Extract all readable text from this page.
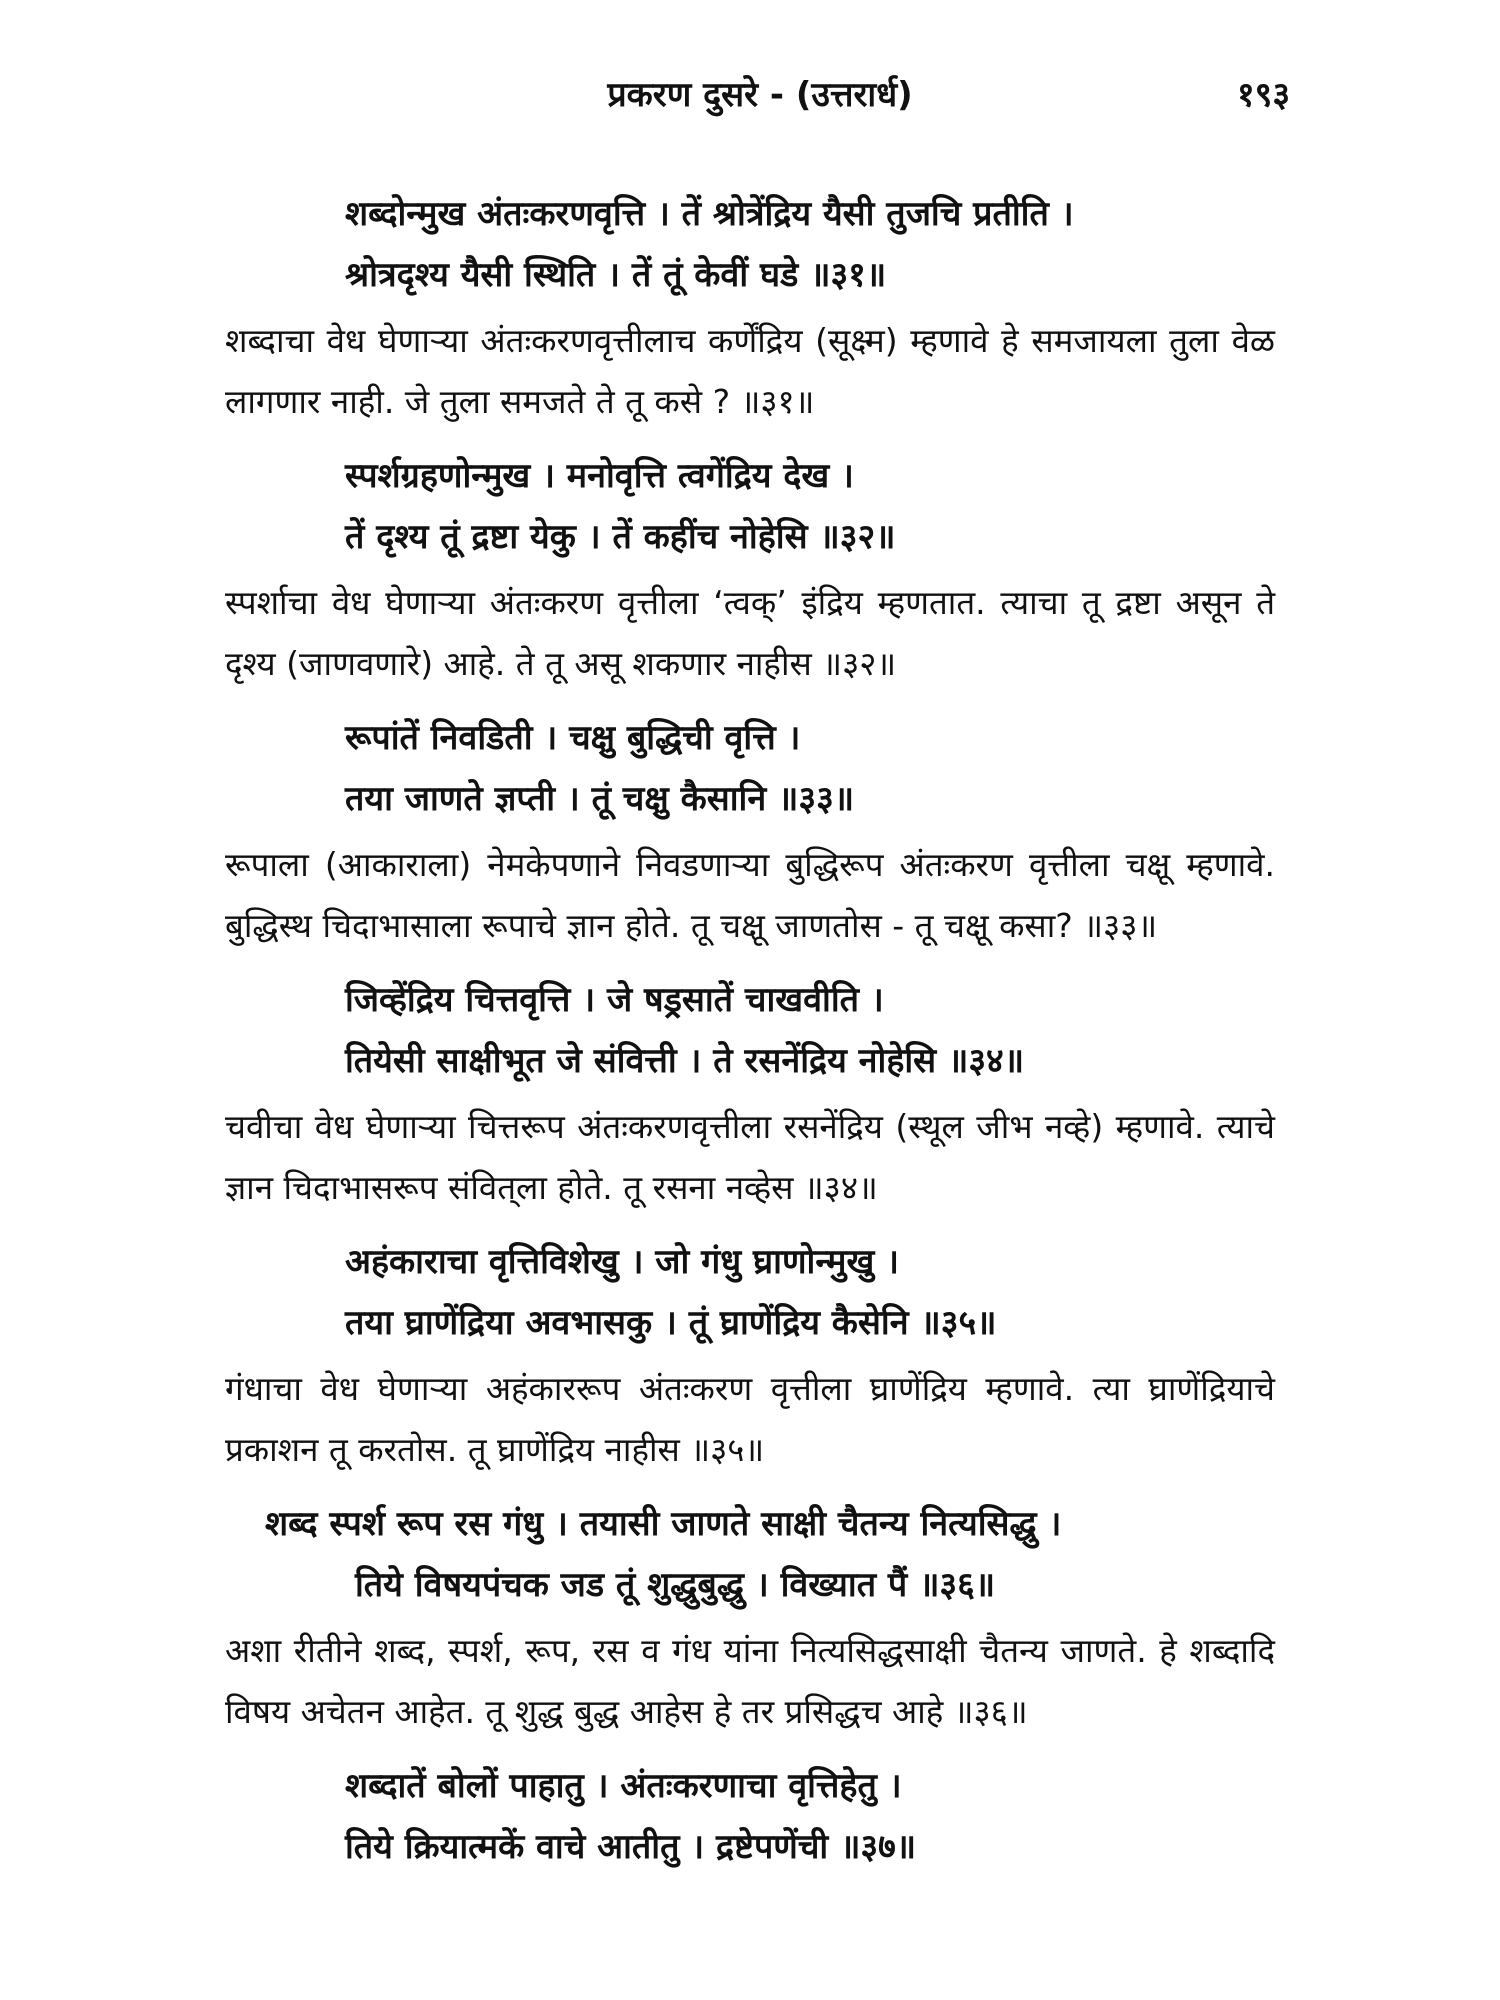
प्रकरण दुसरे - (उत्तरार्ध)	१९३
शब्दोन्मुख अंतःकरणवृत्ति । तें श्रोत्रेंद्रिय यैसी तुजचि प्रतीति ।
श्रोत्रदृश्य यैसी स्थिति । तें तूं केवीं घडे ॥३१॥
शब्दाचा वेध घेणाऱ्या अंतःकरणवृत्तीलाच कर्णेंद्रिय (सूक्ष्म) म्हणावे हे समजायला तुला वेळ लागणार नाही. जे तुला समजते ते तू कसे ? ॥३१॥
स्पर्शग्रहणोन्मुख । मनोवृत्ति त्वगेंद्रिय देख ।
तें दृश्य तूं द्रष्टा येकु । तें कहींच नोहेसि ॥३२॥
स्पर्शाचा वेध घेणाऱ्या अंतःकरण वृत्तीला ‘त्वक्’ इंद्रिय म्हणतात. त्याचा तू द्रष्टा असून ते दृश्य (जाणवणारे) आहे. ते तू असू शकणार नाहीस ॥३२॥
रूपांतें निवडिती । चक्षु बुद्धिची वृत्ति ।
तया जाणते ज्ञप्ती । तूं चक्षु कैसानि ॥३३॥
रूपाला (आकाराला) नेमकेपणाने निवडणाऱ्या बुद्धिरूप अंतःकरण वृत्तीला चक्षू म्हणावे. बुद्धिस्थ चिदाभासाला रूपाचे ज्ञान होते. तू चक्षू जाणतोस - तू चक्षू कसा? ॥३३॥
जिव्हेंद्रिय चित्तवृत्ति । जे षड्रसातें चाखवीति ।
तियेसी साक्षीभूत जे संवित्ती । ते रसनेंद्रिय नोहेसि ॥३४॥
चवीचा वेध घेणाऱ्या चित्तरूप अंतःकरणवृत्तीला रसनेंद्रिय (स्थूल जीभ नव्हे) म्हणावे. त्याचे ज्ञान चिदाभासरूप संवित्‌ला होते. तू रसना नव्हेस ॥३४॥
अहंकाराचा वृत्तिविशेखु । जो गंधु घ्राणोन्मुखु ।
तया घ्राणेंद्रिया अवभासकु । तूं घ्राणेंद्रिय कैसेनि ॥३५॥
गंधाचा वेध घेणाऱ्या अहंकाररूप अंतःकरण वृत्तीला घ्राणेंद्रिय म्हणावे. त्या घ्राणेंद्रियाचे प्रकाशन तू करतोस. तू घ्राणेंद्रिय नाहीस ॥३५॥
शब्द स्पर्श रूप रस गंधु । तयासी जाणते साक्षी चैतन्य नित्यसिद्धु ।
तिये विषयपंचक जड तूं शुद्धुबुद्धु । विख्यात पैं ॥३६॥
अशा रीतीने शब्द, स्पर्श, रूप, रस व गंध यांना नित्यसिद्धसाक्षी चैतन्य जाणते. हे शब्दादि विषय अचेतन आहेत. तू शुद्ध बुद्ध आहेस हे तर प्रसिद्धच आहे ॥३६॥
शब्दातें बोलों पाहातु । अंतःकरणाचा वृत्तिहेतु ।
तिये क्रियात्मकें वाचे आतीतु । द्रष्टेपणेंची ॥३७॥
